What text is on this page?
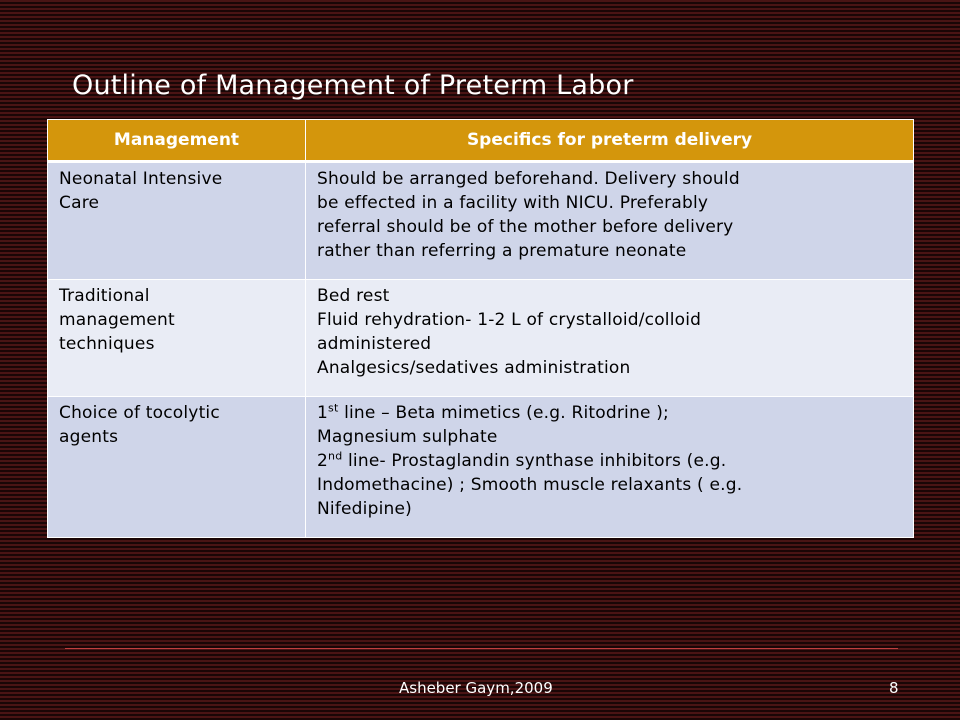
Outline of Management of Preterm Labor
Management	Specifics for preterm delivery

Neonatal Intensive
Care	Should be arranged beforehand. Delivery should
be effected in a facility with NICU. Preferably
referral should be of the mother before delivery
rather than referring a premature neonate

Traditional
management
techniques	Bed rest
Fluid rehydration- 1-2 L of crystalloid/colloid
administered
Analgesics/sedatives administration

Choice of tocolytic
agents	1st line – Beta mimetics (e.g. Ritodrine );
Magnesium sulphate
2nd line- Prostaglandin synthase inhibitors (e.g.
Indomethacine) ; Smooth muscle relaxants ( e.g.
Nifedipine)
Asheber Gaym,2009	8
